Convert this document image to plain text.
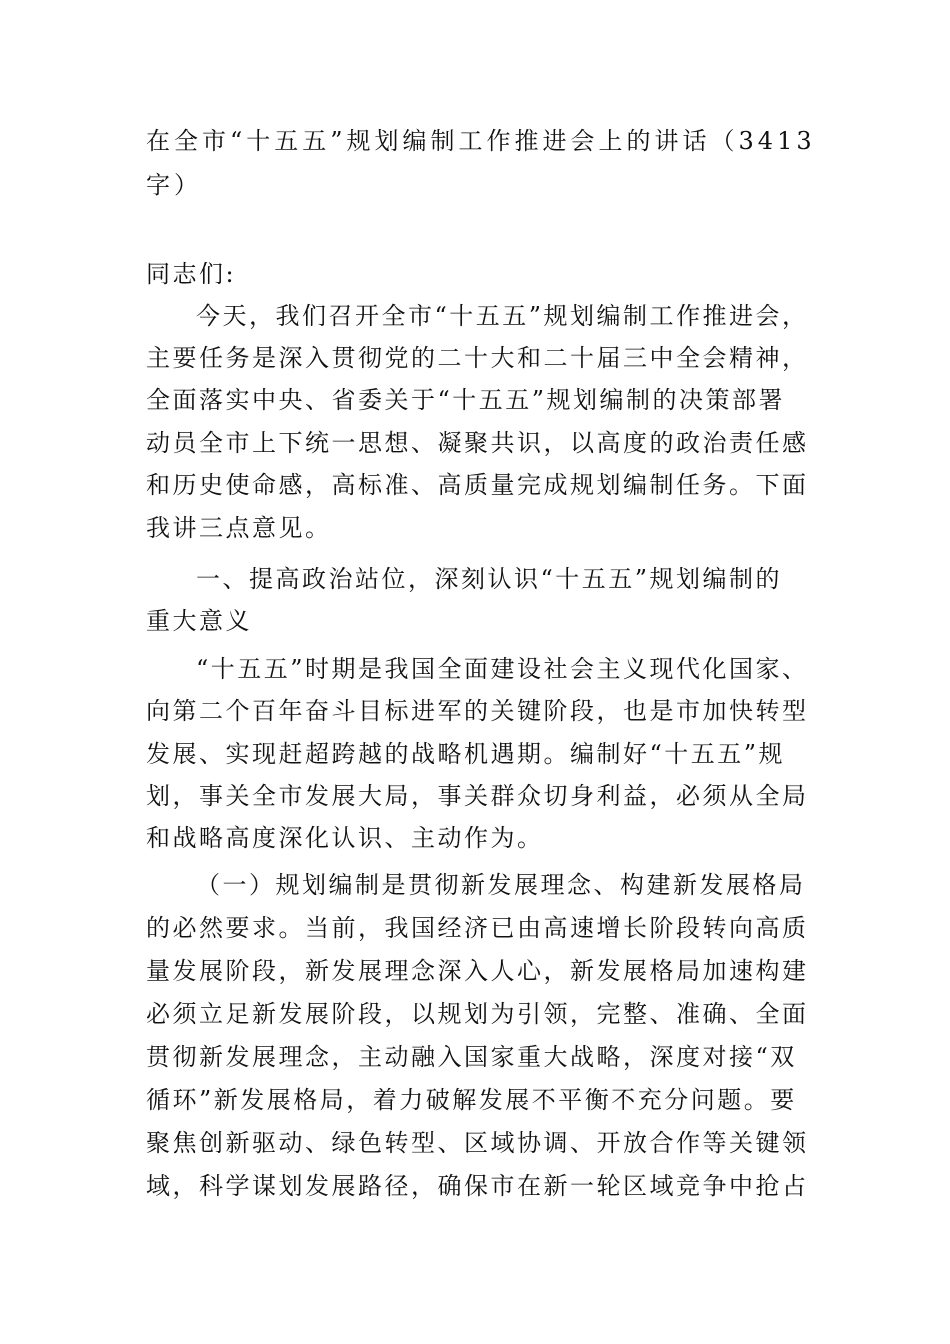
在全市“十五五”规划编制工作推进会上的讲话（3413
字）
同志们:
今天，我们召开全市“十五五”规划编制工作推进会，
主要任务是深入贯彻党的二十大和二十届三中全会精神，
全面落实中央、省委关于“十五五”规划编制的决策部署
动员全市上下统一思想、凝聚共识，以高度的政治责任感
和历史使命感，高标准、高质量完成规划编制任务。下面
我讲三点意见。
一、提高政治站位，深刻认识“十五五”规划编制的
重大意义
“十五五”时期是我国全面建设社会主义现代化国家、
向第二个百年奋斗目标进军的关键阶段，也是市加快转型
发展、实现赶超跨越的战略机遇期。编制好“十五五”规
划，事关全市发展大局，事关群众切身利益，必须从全局
和战略高度深化认识、主动作为。
（一）规划编制是贯彻新发展理念、构建新发展格局
的必然要求。当前，我国经济已由高速增长阶段转向高质
量发展阶段，新发展理念深入人心，新发展格局加速构建
必须立足新发展阶段，以规划为引领，完整、准确、全面
贯彻新发展理念，主动融入国家重大战略，深度对接“双
循环”新发展格局，着力破解发展不平衡不充分问题。要
聚焦创新驱动、绿色转型、区域协调、开放合作等关键领
域，科学谋划发展路径，确保市在新一轮区域竞争中抢占
